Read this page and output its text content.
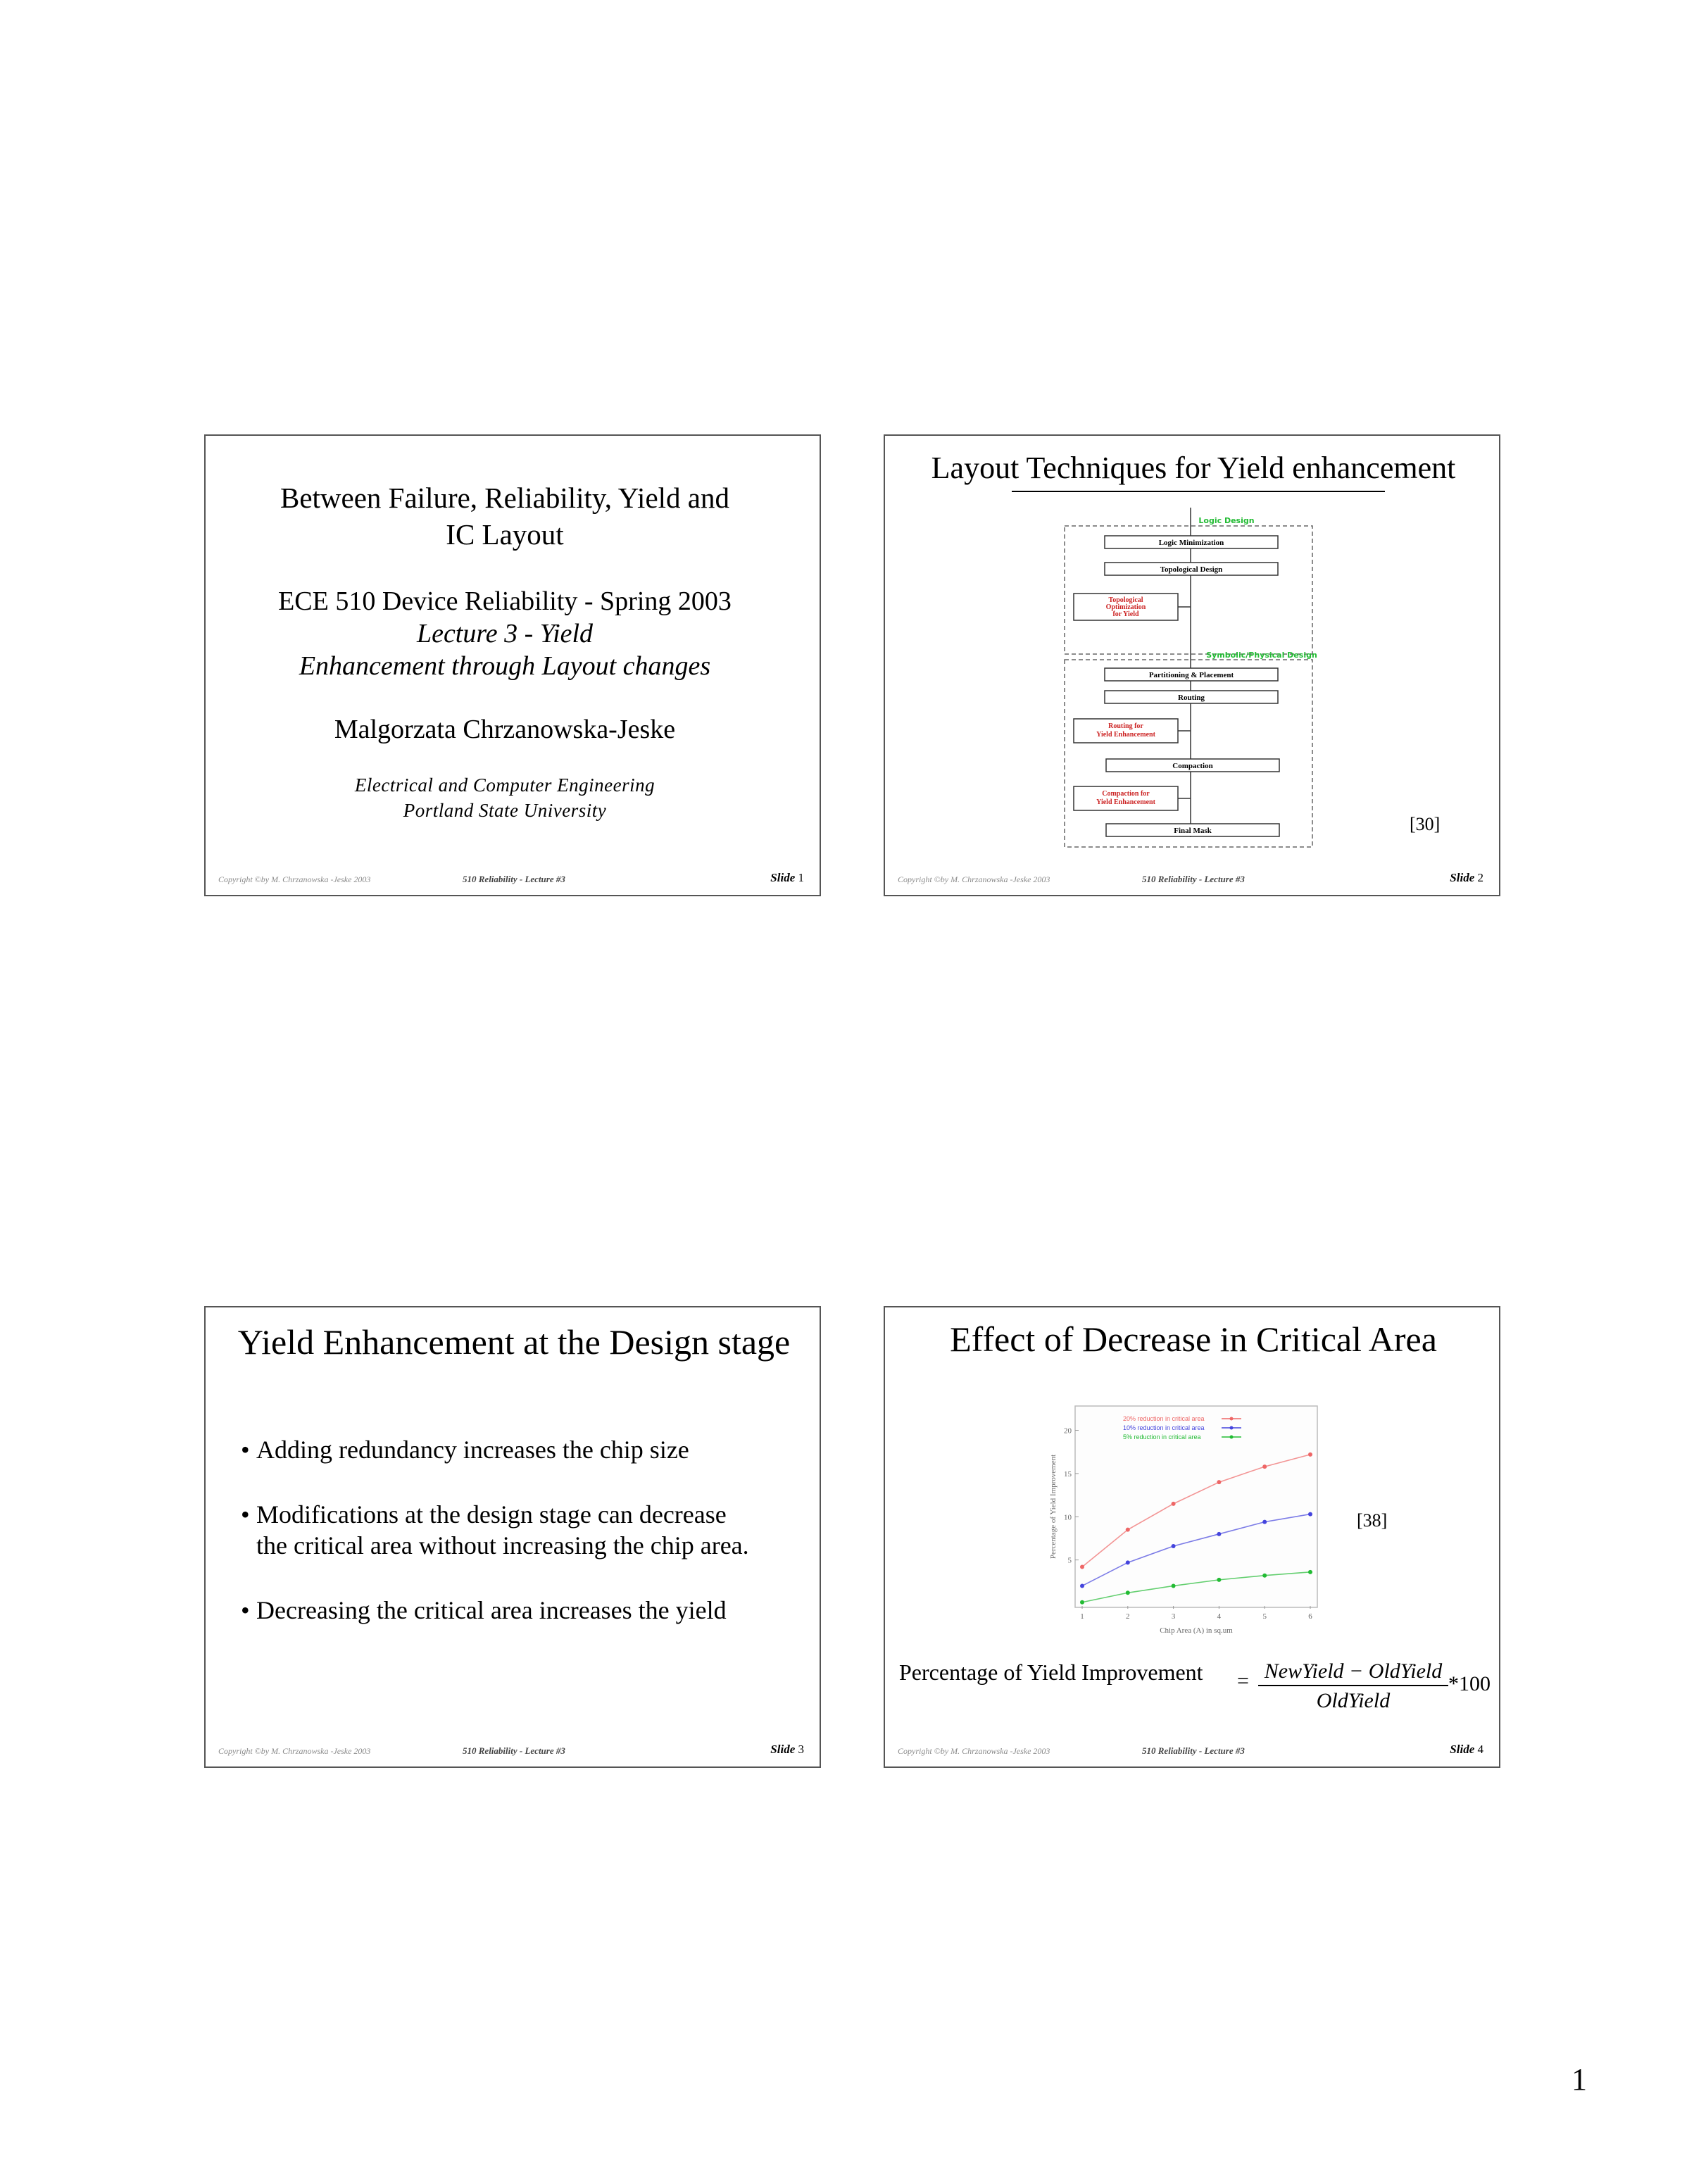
Between Failure, Reliability, Yield and
IC Layout
ECE 510 Device Reliability - Spring 2003
Lecture 3 - Yield
Enhancement through Layout changes
Malgorzata Chrzanowska-Jeske
Electrical and Computer Engineering
Portland State University
Copyright ©by M. Chrzanowska -Jeske 2003	510 Reliability - Lecture #3	Slide 1
Layout Techniques for Yield enhancement
Logic Design
Symbolic/Physical Design
Logic Minimization
Topological Design
Topological
Optimization
for Yield
Partitioning & Placement
Routing
Routing for
Yield Enhancement
Compaction
Compaction for
Yield Enhancement
Final Mask	[30]
Copyright ©by M. Chrzanowska -Jeske 2003	510 Reliability - Lecture #3	Slide 2
Yield Enhancement at the Design stage
• Adding redundancy increases the chip size
• Modifications at the design stage can decrease
the critical area without increasing the chip area.
• Decreasing the critical area increases the yield
Copyright ©by M. Chrzanowska -Jeske 2003	510 Reliability - Lecture #3	Slide 3
Effect of Decrease in Critical Area
1	2	3	4	5	6
5
10
15
20
20% reduction in critical area
10% reduction in critical area
5% reduction in critical area
Chip Area (A) in sq.um
Percentage of Yield Improvement	[38]
Percentage of Yield Improvement = NewYield − OldYield
OldYield
*100
Copyright ©by M. Chrzanowska -Jeske 2003	510 Reliability - Lecture #3	Slide 4
1
